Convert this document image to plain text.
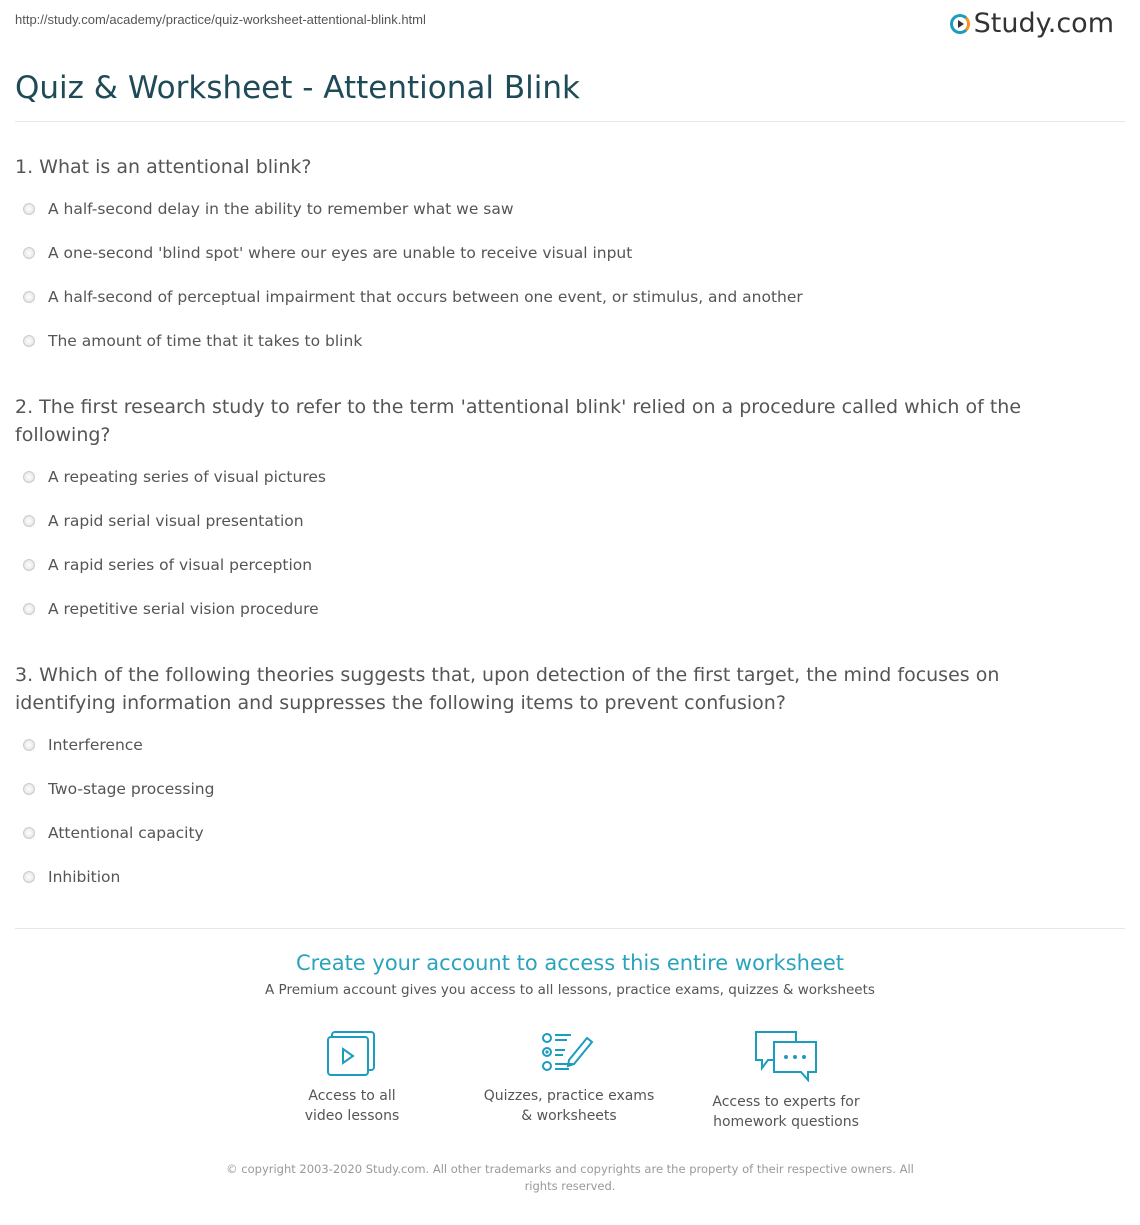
http://study.com/academy/practice/quiz-worksheet-attentional-blink.html	Study.com
Quiz & Worksheet - Attentional Blink
1. What is an attentional blink?
A half-second delay in the ability to remember what we saw
A one-second 'blind spot' where our eyes are unable to receive visual input
A half-second of perceptual impairment that occurs between one event, or stimulus, and another
The amount of time that it takes to blink
2. The first research study to refer to the term 'attentional blink' relied on a procedure called which of the following?
A repeating series of visual pictures
A rapid serial visual presentation
A rapid series of visual perception
A repetitive serial vision procedure
3. Which of the following theories suggests that, upon detection of the first target, the mind focuses on identifying information and suppresses the following items to prevent confusion?
Interference
Two-stage processing
Attentional capacity
Inhibition
Create your account to access this entire worksheet
A Premium account gives you access to all lessons, practice exams, quizzes & worksheets
Access to all
video lessons
Quizzes, practice exams
& worksheets
Access to experts for
homework questions
© copyright 2003-2020 Study.com. All other trademarks and copyrights are the property of their respective owners. All rights reserved.
